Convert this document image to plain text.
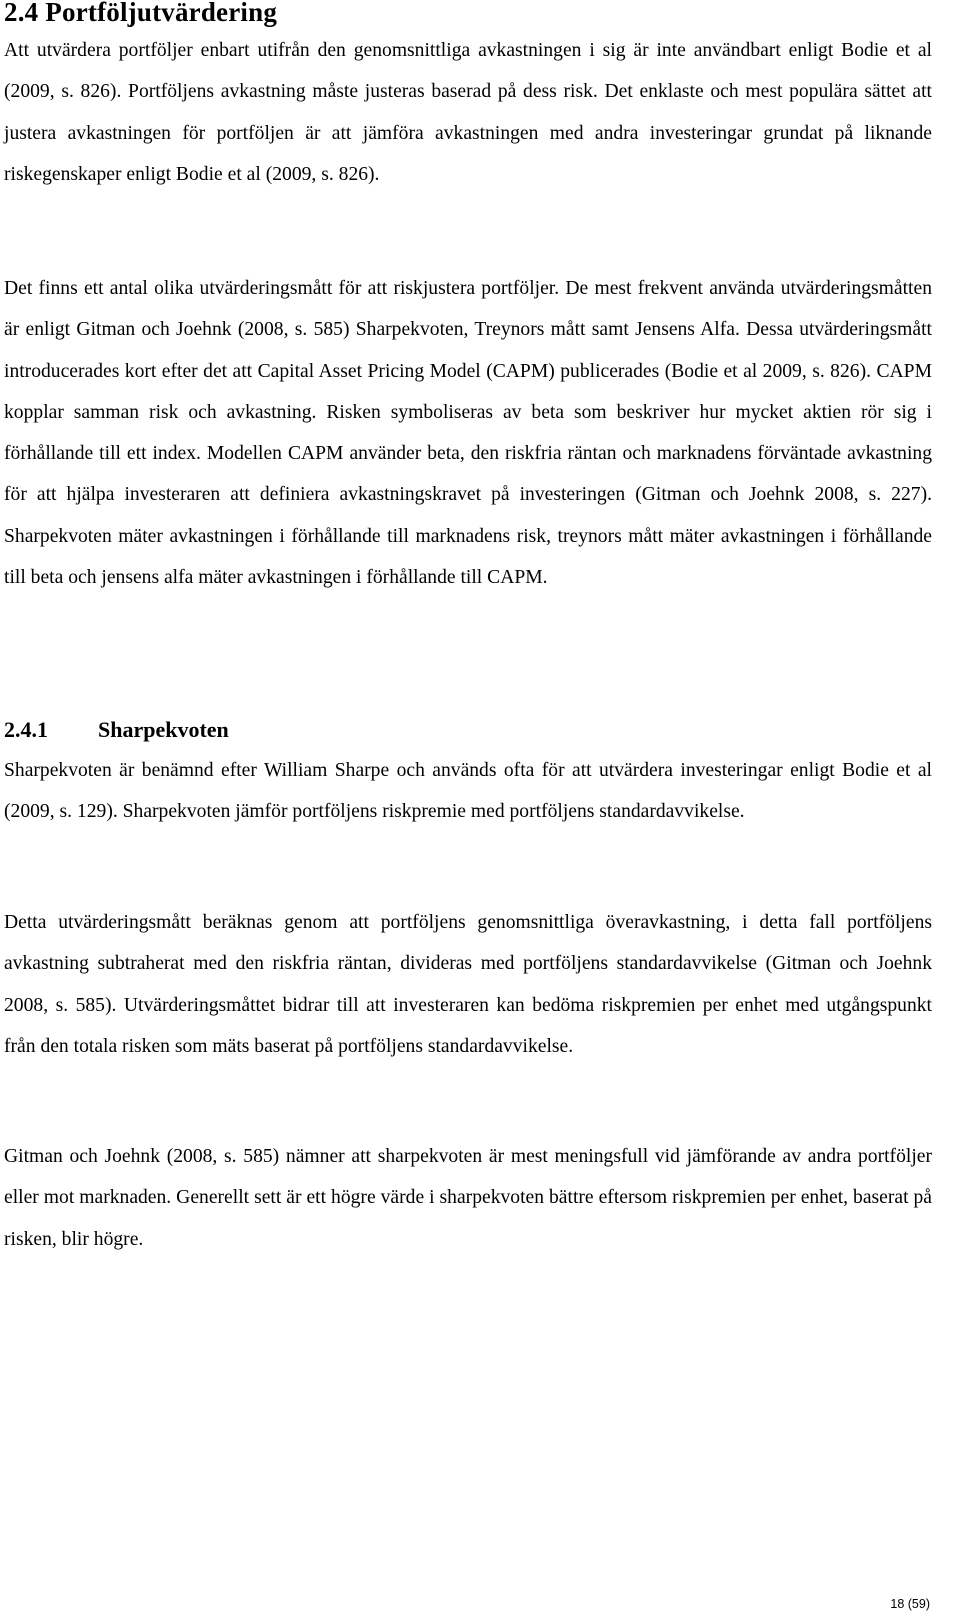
2.4 Portföljutvärdering

Att utvärdera portföljer enbart utifrån den genomsnittliga avkastningen i sig är inte användbart enligt Bodie et al (2009, s. 826). Portföljens avkastning måste justeras baserad på dess risk. Det enklaste och mest populära sättet att justera avkastningen för portföljen är att jämföra avkastningen med andra investeringar grundat på liknande riskegenskaper enligt Bodie et al (2009, s. 826).

Det finns ett antal olika utvärderingsmått för att riskjustera portföljer. De mest frekvent använda utvärderingsmåtten är enligt Gitman och Joehnk (2008, s. 585) Sharpekvoten, Treynors mått samt Jensens Alfa. Dessa utvärderingsmått introducerades kort efter det att Capital Asset Pricing Model (CAPM) publicerades (Bodie et al 2009, s. 826). CAPM kopplar samman risk och avkastning. Risken symboliseras av beta som beskriver hur mycket aktien rör sig i förhållande till ett index. Modellen CAPM använder beta, den riskfria räntan och marknadens förväntade avkastning för att hjälpa investeraren att definiera avkastningskravet på investeringen (Gitman och Joehnk 2008, s. 227). Sharpekvoten mäter avkastningen i förhållande till marknadens risk, treynors mått mäter avkastningen i förhållande till beta och jensens alfa mäter avkastningen i förhållande till CAPM.

2.4.1 Sharpekvoten

Sharpekvoten är benämnd efter William Sharpe och används ofta för att utvärdera investeringar enligt Bodie et al (2009, s. 129). Sharpekvoten jämför portföljens riskpremie med portföljens standardavvikelse.

Detta utvärderingsmått beräknas genom att portföljens genomsnittliga överavkastning, i detta fall portföljens avkastning subtraherat med den riskfria räntan, divideras med portföljens standardavvikelse (Gitman och Joehnk 2008, s. 585). Utvärderingsmåttet bidrar till att investeraren kan bedöma riskpremien per enhet med utgångspunkt från den totala risken som mäts baserat på portföljens standardavvikelse.

Gitman och Joehnk (2008, s. 585) nämner att sharpekvoten är mest meningsfull vid jämförande av andra portföljer eller mot marknaden. Generellt sett är ett högre värde i sharpekvoten bättre eftersom riskpremien per enhet, baserat på risken, blir högre.

18 (59)
